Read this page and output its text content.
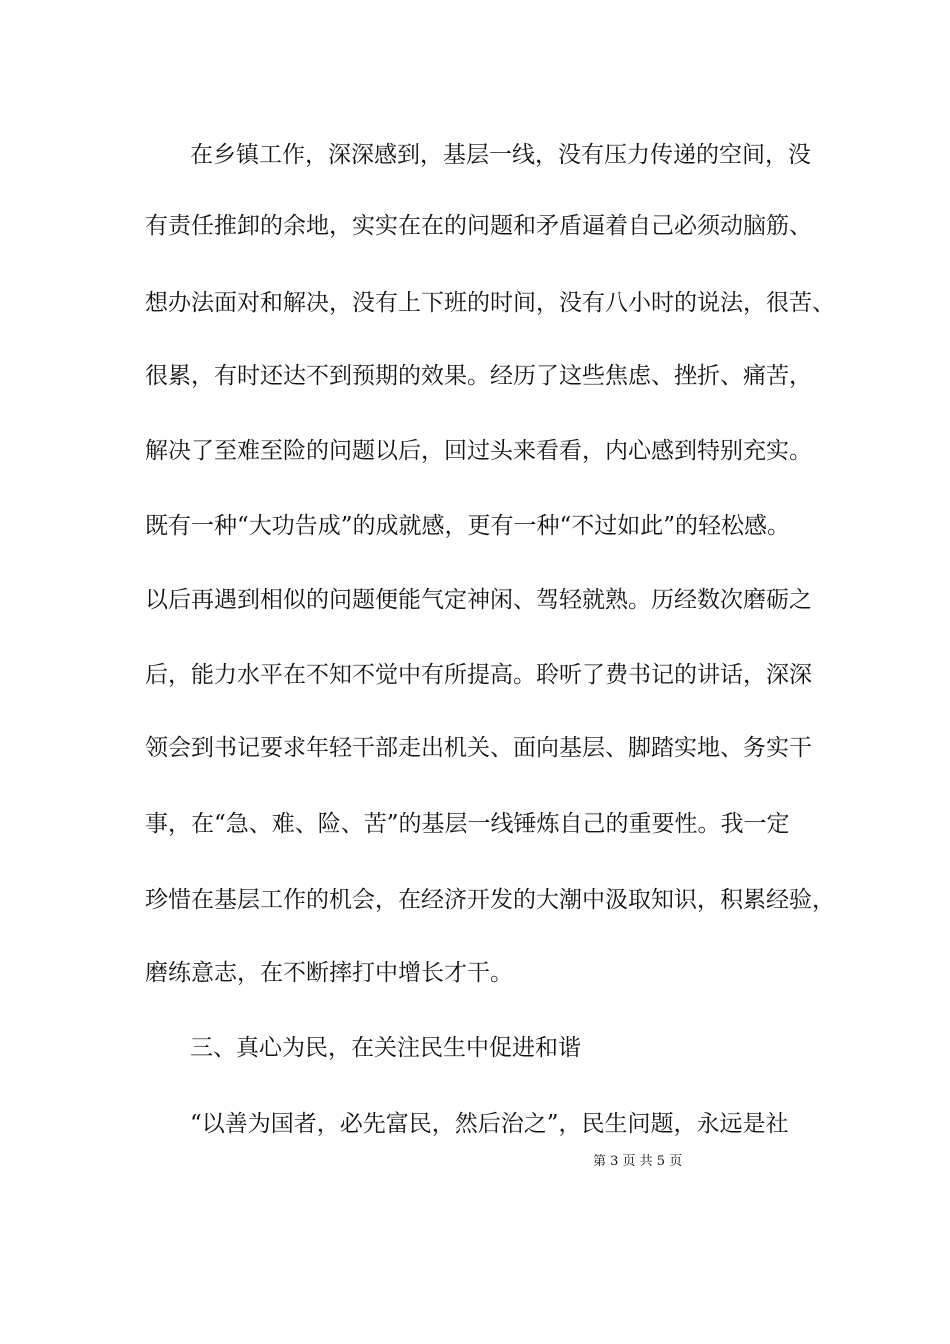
在乡镇工作，深深感到，基层一线，没有压力传递的空间，没
有责任推卸的余地，实实在在的问题和矛盾逼着自己必须动脑筋、
想办法面对和解决，没有上下班的时间，没有八小时的说法，很苦、
很累，有时还达不到预期的效果。经历了这些焦虑、挫折、痛苦，
解决了至难至险的问题以后，回过头来看看，内心感到特别充实。
既有一种“大功告成”的成就感，更有一种“不过如此”的轻松感。
以后再遇到相似的问题便能气定神闲、驾轻就熟。历经数次磨砺之
后，能力水平在不知不觉中有所提高。聆听了费书记的讲话，深深
领会到书记要求年轻干部走出机关、面向基层、脚踏实地、务实干
事，在“急、难、险、苦”的基层一线锤炼自己的重要性。我一定
珍惜在基层工作的机会，在经济开发的大潮中汲取知识，积累经验，
磨练意志，在不断摔打中增长才干。
三、真心为民，在关注民生中促进和谐
“以善为国者，必先富民，然后治之”，民生问题，永远是社
第 3 页 共 5 页
